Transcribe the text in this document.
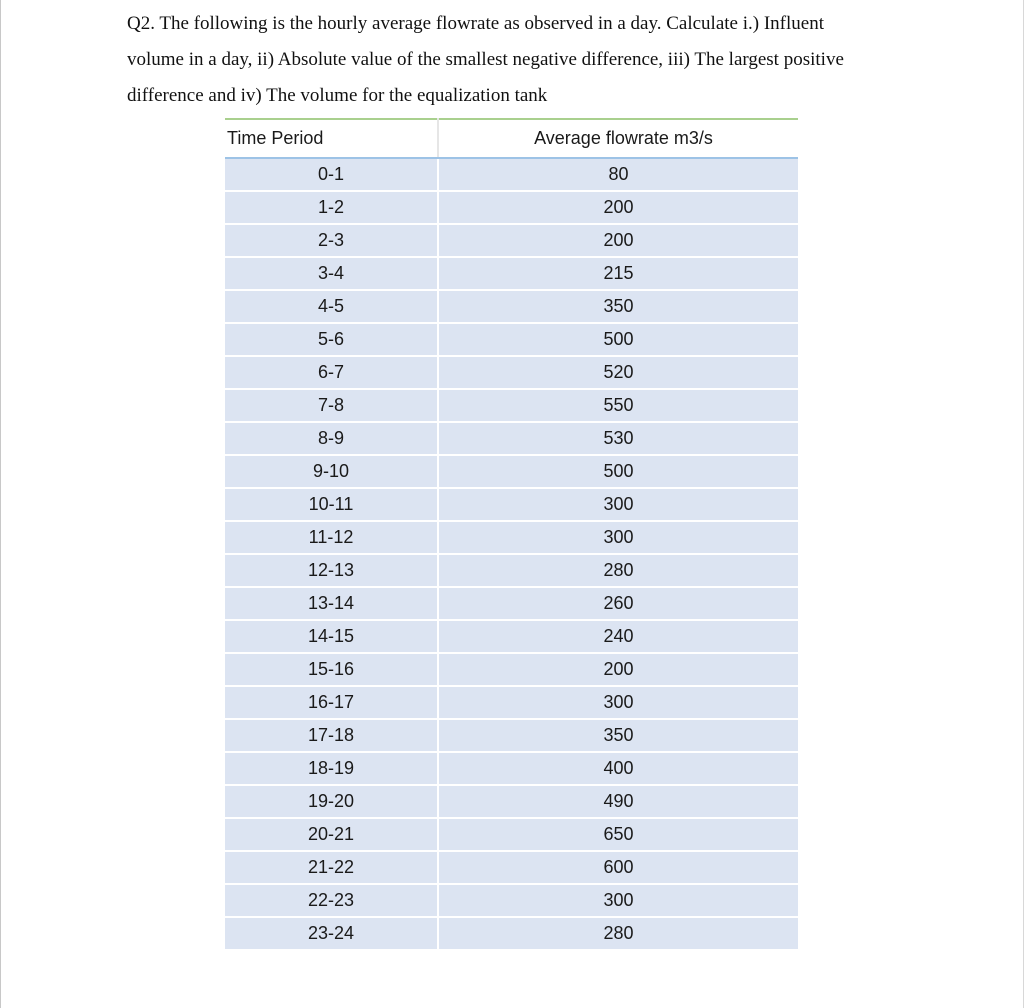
Q2. The following is the hourly average flowrate as observed in a day. Calculate i.) Influent
volume in a day, ii) Absolute value of the smallest negative difference, iii) The largest positive
difference and iv) The volume for the equalization tank

Time Period	Average flowrate m3/s
0-1	80
1-2	200
2-3	200
3-4	215
4-5	350
5-6	500
6-7	520
7-8	550
8-9	530
9-10	500
10-11	300
11-12	300
12-13	280
13-14	260
14-15	240
15-16	200
16-17	300
17-18	350
18-19	400
19-20	490
20-21	650
21-22	600
22-23	300
23-24	280
